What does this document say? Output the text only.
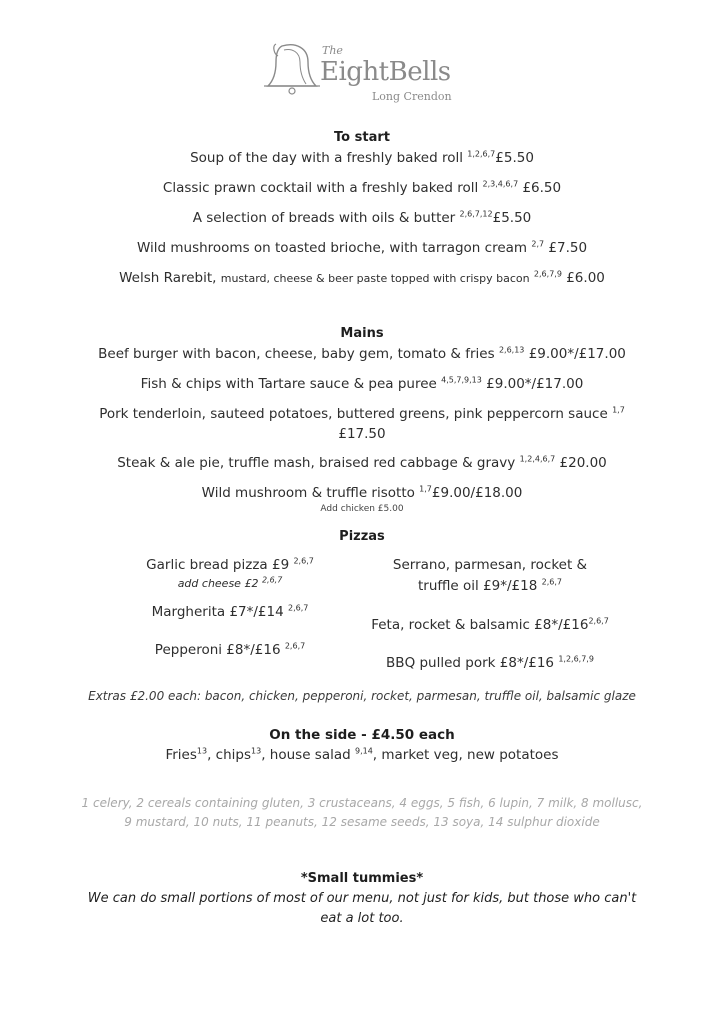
The
EightBells
Long Crendon
To start
Soup of the day with a freshly baked roll $^{1,2,6,7}$£5.50
Classic prawn cocktail with a freshly baked roll $^{2,3,4,6,7}$ £6.50
A selection of breads with oils & butter $^{2,6,7,12}$£5.50
Wild mushrooms on toasted brioche, with tarragon cream $^{2,7}$ £7.50
Welsh Rarebit, mustard, cheese & beer paste topped with crispy bacon $^{2,6,7,9}$ £6.00
Mains
Beef burger with bacon, cheese, baby gem, tomato & fries $^{2,6,13}$ £9.00*/£17.00
Fish & chips with Tartare sauce & pea puree $^{4,5,7,9,13}$ £9.00*/£17.00
Pork tenderloin, sauteed potatoes, buttered greens, pink peppercorn sauce $^{1,7}$
£17.50
Steak & ale pie, truffle mash, braised red cabbage & gravy $^{1,2,4,6,7}$ £20.00
Wild mushroom & truffle risotto $^{1,7}$£9.00/£18.00
Add chicken £5.00
Pizzas
Garlic bread pizza £9 $^{2,6,7}$
add cheese £2 $^{2,6,7}$
Margherita £7*/£14 $^{2,6,7}$
Pepperoni £8*/£16 $^{2,6,7}$
Serrano, parmesan, rocket &
truffle oil £9*/£18 $^{2,6,7}$
Feta, rocket & balsamic £8*/£16$^{2,6,7}$
BBQ pulled pork £8*/£16 $^{1,2,6,7,9}$
Extras £2.00 each: bacon, chicken, pepperoni, rocket, parmesan, truffle oil, balsamic glaze
On the side - £4.50 each
Fries$^{13}$, chips$^{13}$, house salad $^{9,14}$, market veg, new potatoes
1 celery, 2 cereals containing gluten, 3 crustaceans, 4 eggs, 5 fish, 6 lupin, 7 milk, 8 mollusc, 9 mustard, 10 nuts, 11 peanuts, 12 sesame seeds, 13 soya, 14 sulphur dioxide
*Small tummies*
We can do small portions of most of our menu, not just for kids, but those who can't eat a lot too.
